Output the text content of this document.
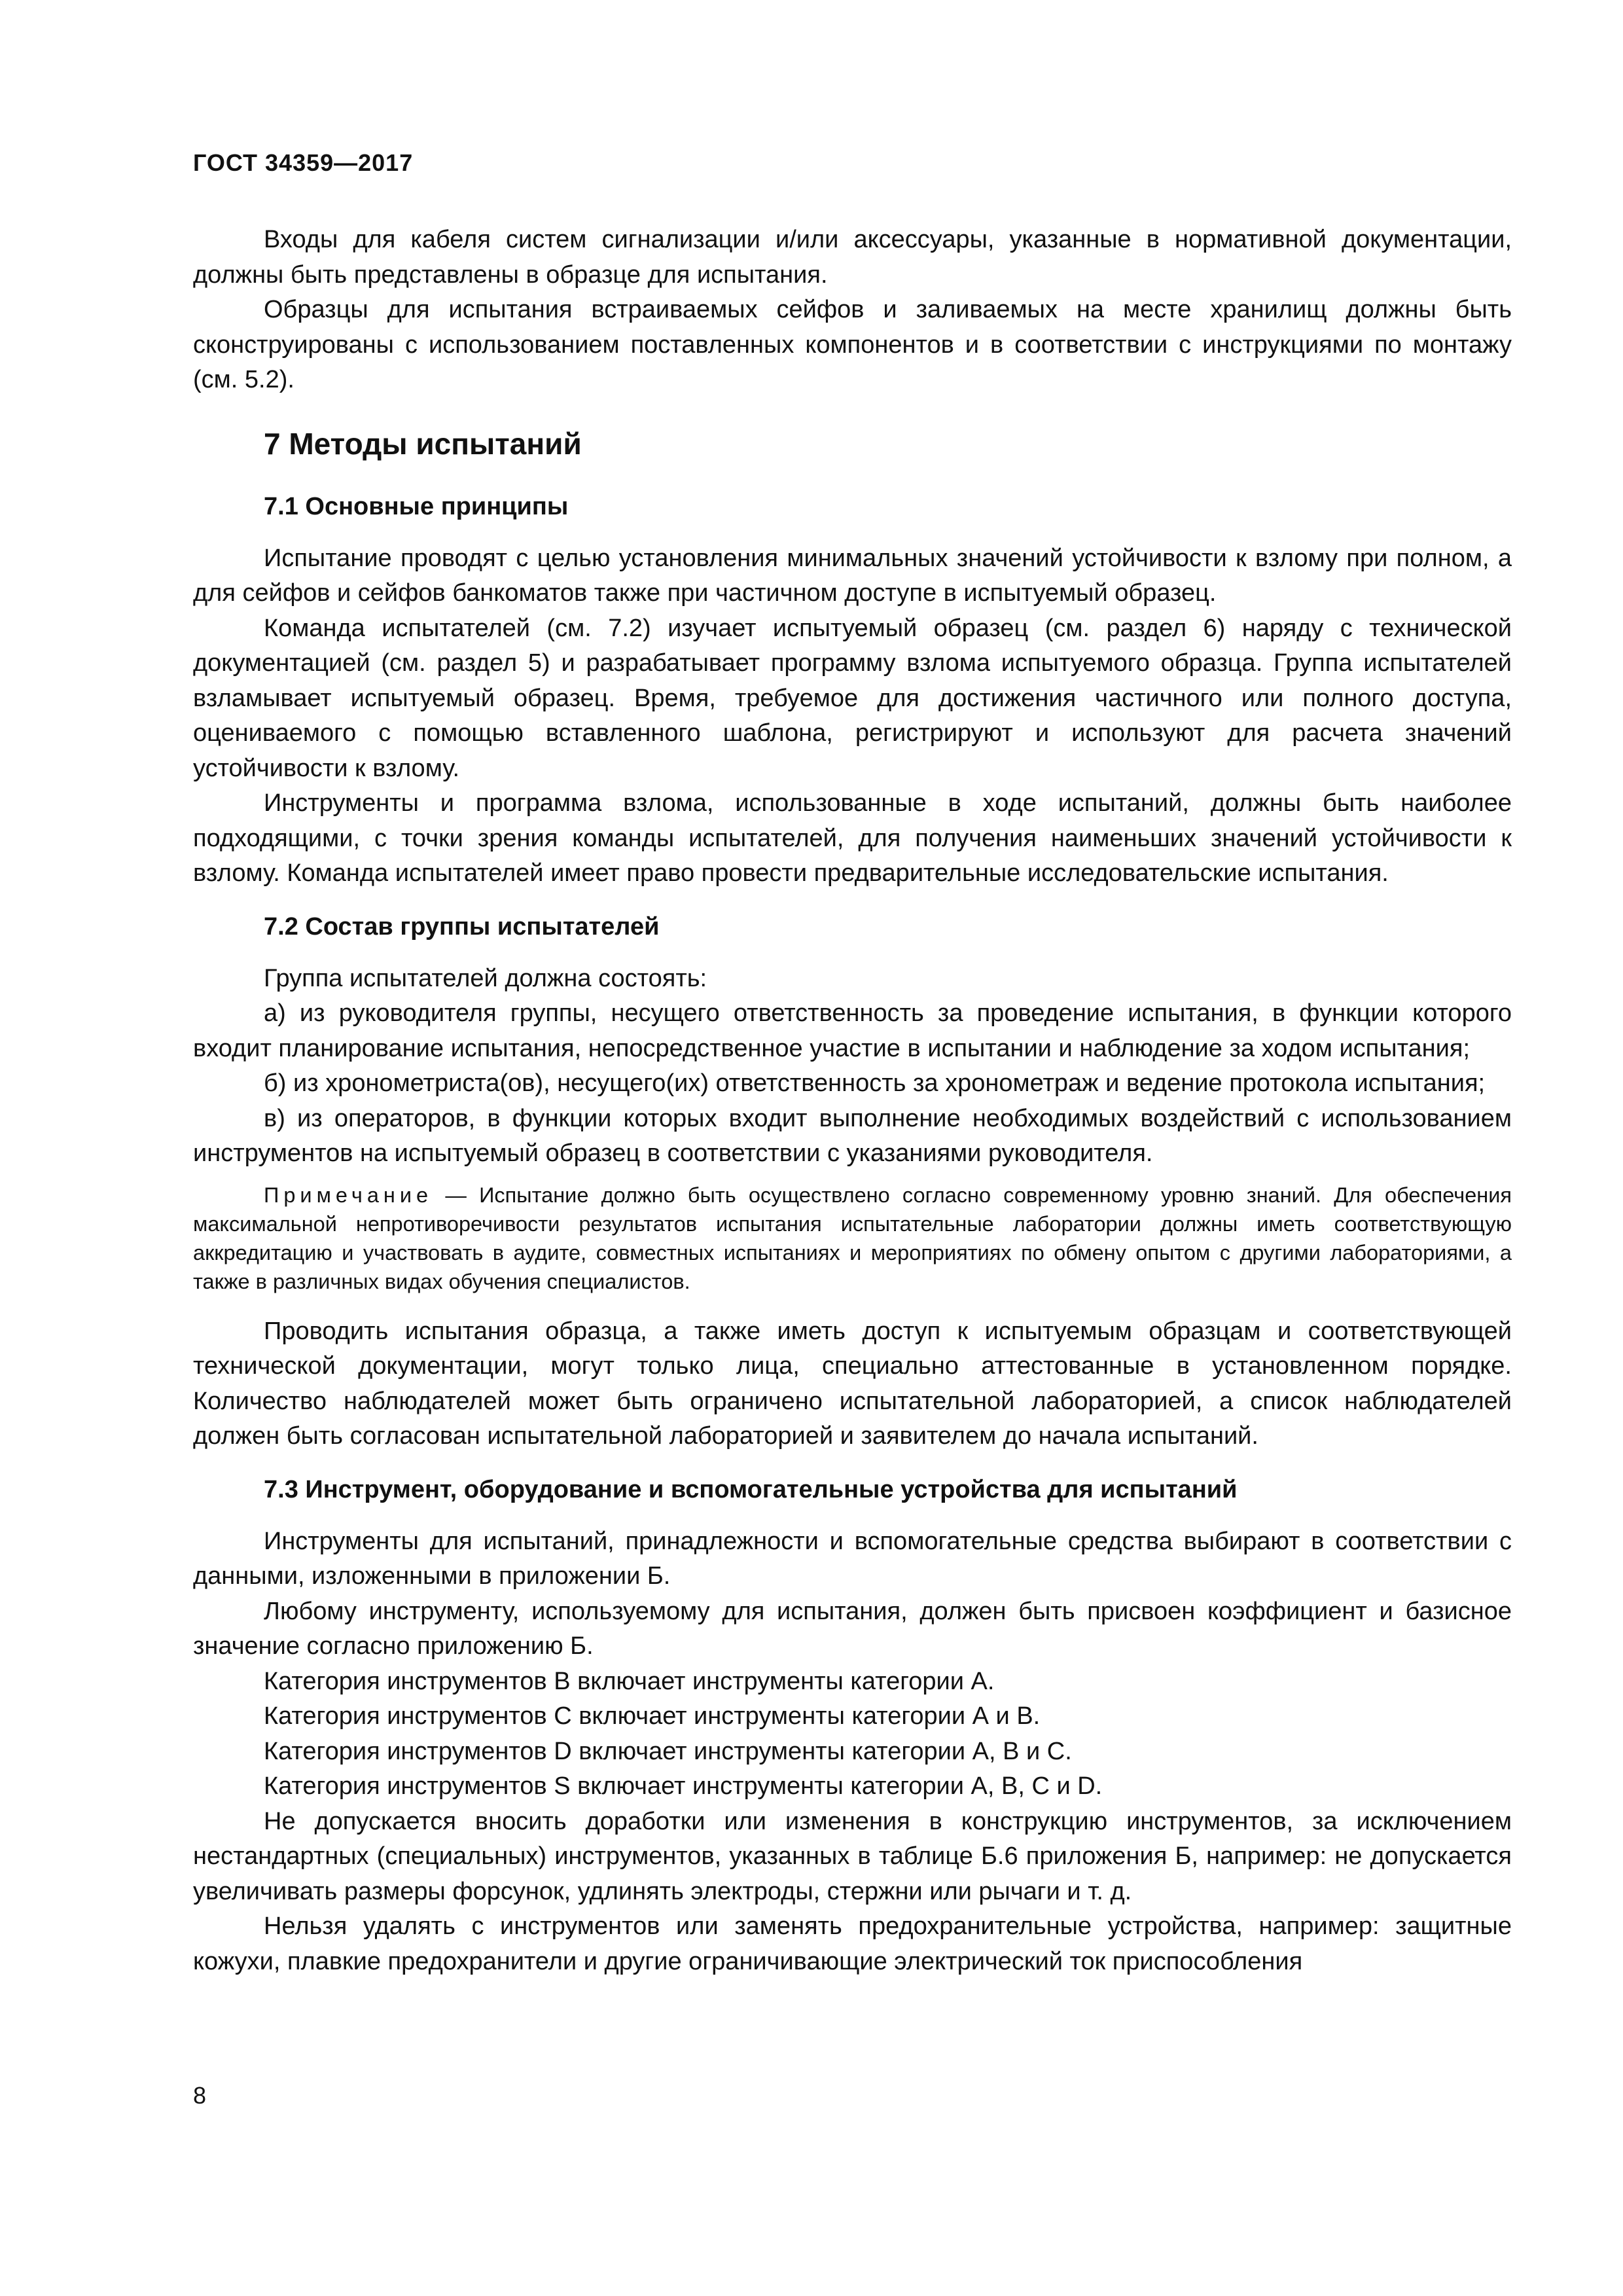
ГОСТ 34359—2017

Входы для кабеля систем сигнализации и/или аксессуары, указанные в нормативной документации, должны быть представлены в образце для испытания.

Образцы для испытания встраиваемых сейфов и заливаемых на месте хранилищ должны быть сконструированы с использованием поставленных компонентов и в соответствии с инструкциями по монтажу (см. 5.2).

7 Методы испытаний
7.1 Основные принципы

Испытание проводят с целью установления минимальных значений устойчивости к взлому при полном, а для сейфов и сейфов банкоматов также при частичном доступе в испытуемый образец.

Команда испытателей (см. 7.2) изучает испытуемый образец (см. раздел 6) наряду с технической документацией (см. раздел 5) и разрабатывает программу взлома испытуемого образца. Группа испытателей взламывает испытуемый образец. Время, требуемое для достижения частичного или полного доступа, оцениваемого с помощью вставленного шаблона, регистрируют и используют для расчета значений устойчивости к взлому.

Инструменты и программа взлома, использованные в ходе испытаний, должны быть наиболее подходящими, с точки зрения команды испытателей, для получения наименьших значений устойчивости к взлому. Команда испытателей имеет право провести предварительные исследовательские испытания.

7.2 Состав группы испытателей

Группа испытателей должна состоять:

а) из руководителя группы, несущего ответственность за проведение испытания, в функции которого входит планирование испытания, непосредственное участие в испытании и наблюдение за ходом испытания;

б) из хронометриста(ов), несущего(их) ответственность за хронометраж и ведение протокола испытания;

в) из операторов, в функции которых входит выполнение необходимых воздействий с использованием инструментов на испытуемый образец в соответствии с указаниями руководителя.

Примечание — Испытание должно быть осуществлено согласно современному уровню знаний. Для обеспечения максимальной непротиворечивости результатов испытания испытательные лаборатории должны иметь соответствующую аккредитацию и участвовать в аудите, совместных испытаниях и мероприятиях по обмену опытом с другими лабораториями, а также в различных видах обучения специалистов.

Проводить испытания образца, а также иметь доступ к испытуемым образцам и соответствующей технической документации, могут только лица, специально аттестованные в установленном порядке. Количество наблюдателей может быть ограничено испытательной лабораторией, а список наблюдателей должен быть согласован испытательной лабораторией и заявителем до начала испытаний.

7.3 Инструмент, оборудование и вспомогательные устройства для испытаний

Инструменты для испытаний, принадлежности и вспомогательные средства выбирают в соответствии с данными, изложенными в приложении Б.

Любому инструменту, используемому для испытания, должен быть присвоен коэффициент и базисное значение согласно приложению Б.

Категория инструментов В включает инструменты категории А.

Категория инструментов С включает инструменты категории А и В.

Категория инструментов D включает инструменты категории А, В и С.

Категория инструментов S включает инструменты категории А, В, С и D.

Не допускается вносить доработки или изменения в конструкцию инструментов, за исключением нестандартных (специальных) инструментов, указанных в таблице Б.6 приложения Б, например: не допускается увеличивать размеры форсунок, удлинять электроды, стержни или рычаги и т. д.

Нельзя удалять с инструментов или заменять предохранительные устройства, например: защитные кожухи, плавкие предохранители и другие ограничивающие электрический ток приспособления

8
